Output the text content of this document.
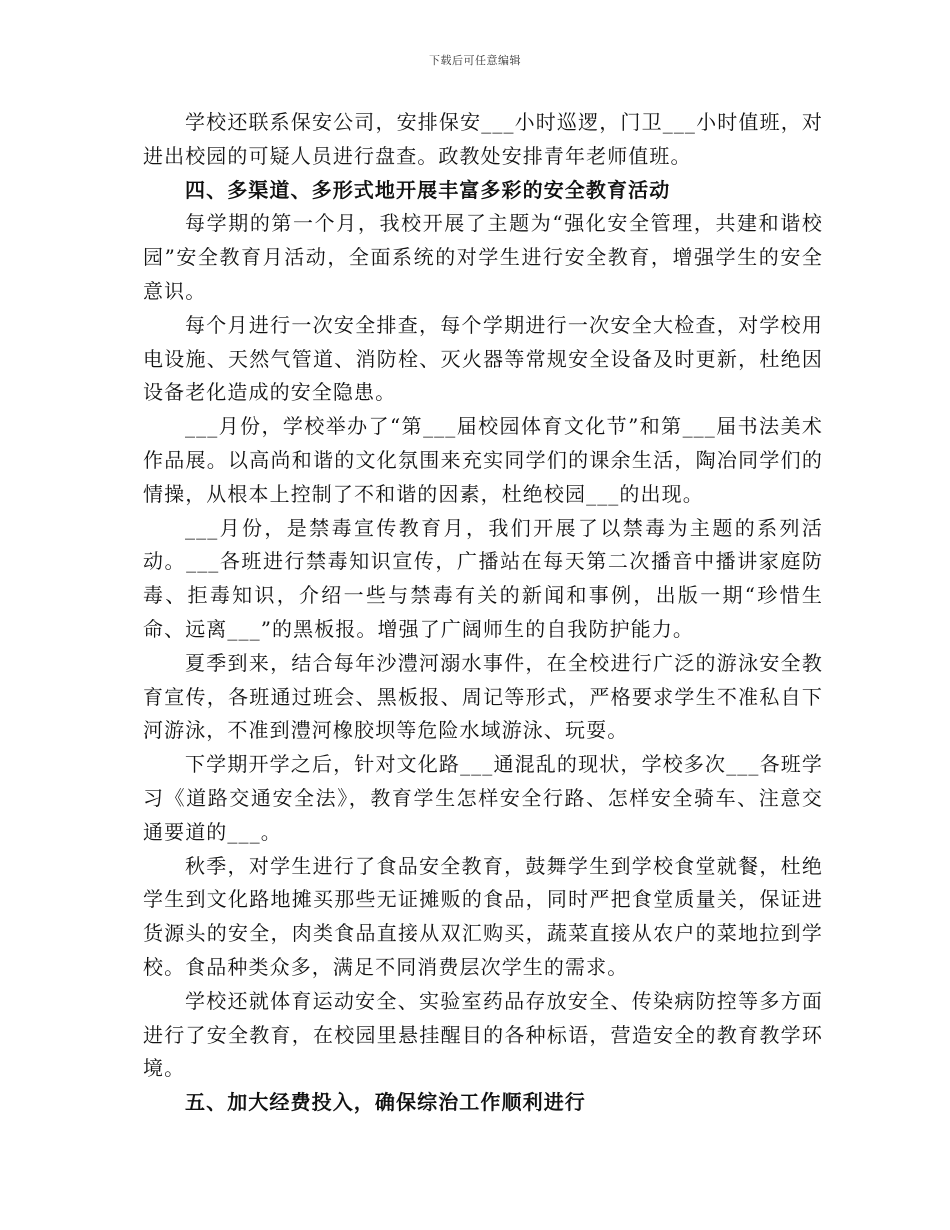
下载后可任意编辑

学校还联系保安公司，安排保安___小时巡逻，门卫___小时值班，对进出校园的可疑人员进行盘查。政教处安排青年老师值班。

四、多渠道、多形式地开展丰富多彩的安全教育活动

每学期的第一个月，我校开展了主题为“强化安全管理，共建和谐校园”安全教育月活动，全面系统的对学生进行安全教育，增强学生的安全意识。

每个月进行一次安全排查，每个学期进行一次安全大检查，对学校用电设施、天然气管道、消防栓、灭火器等常规安全设备及时更新，杜绝因设备老化造成的安全隐患。

___月份，学校举办了“第___届校园体育文化节”和第___届书法美术作品展。以高尚和谐的文化氛围来充实同学们的课余生活，陶冶同学们的情操，从根本上控制了不和谐的因素，杜绝校园___的出现。

___月份，是禁毒宣传教育月，我们开展了以禁毒为主题的系列活动。___各班进行禁毒知识宣传，广播站在每天第二次播音中播讲家庭防毒、拒毒知识，介绍一些与禁毒有关的新闻和事例，出版一期“珍惜生命、远离___”的黑板报。增强了广阔师生的自我防护能力。

夏季到来，结合每年沙澧河溺水事件，在全校进行广泛的游泳安全教育宣传，各班通过班会、黑板报、周记等形式，严格要求学生不准私自下河游泳，不准到澧河橡胶坝等危险水域游泳、玩耍。

下学期开学之后，针对文化路___通混乱的现状，学校多次___各班学习《道路交通安全法》，教育学生怎样安全行路、怎样安全骑车、注意交通要道的___。

秋季，对学生进行了食品安全教育，鼓舞学生到学校食堂就餐，杜绝学生到文化路地摊买那些无证摊贩的食品，同时严把食堂质量关，保证进货源头的安全，肉类食品直接从双汇购买，蔬菜直接从农户的菜地拉到学校。食品种类众多，满足不同消费层次学生的需求。

学校还就体育运动安全、实验室药品存放安全、传染病防控等多方面进行了安全教育，在校园里悬挂醒目的各种标语，营造安全的教育教学环境。

五、加大经费投入，确保综治工作顺利进行
